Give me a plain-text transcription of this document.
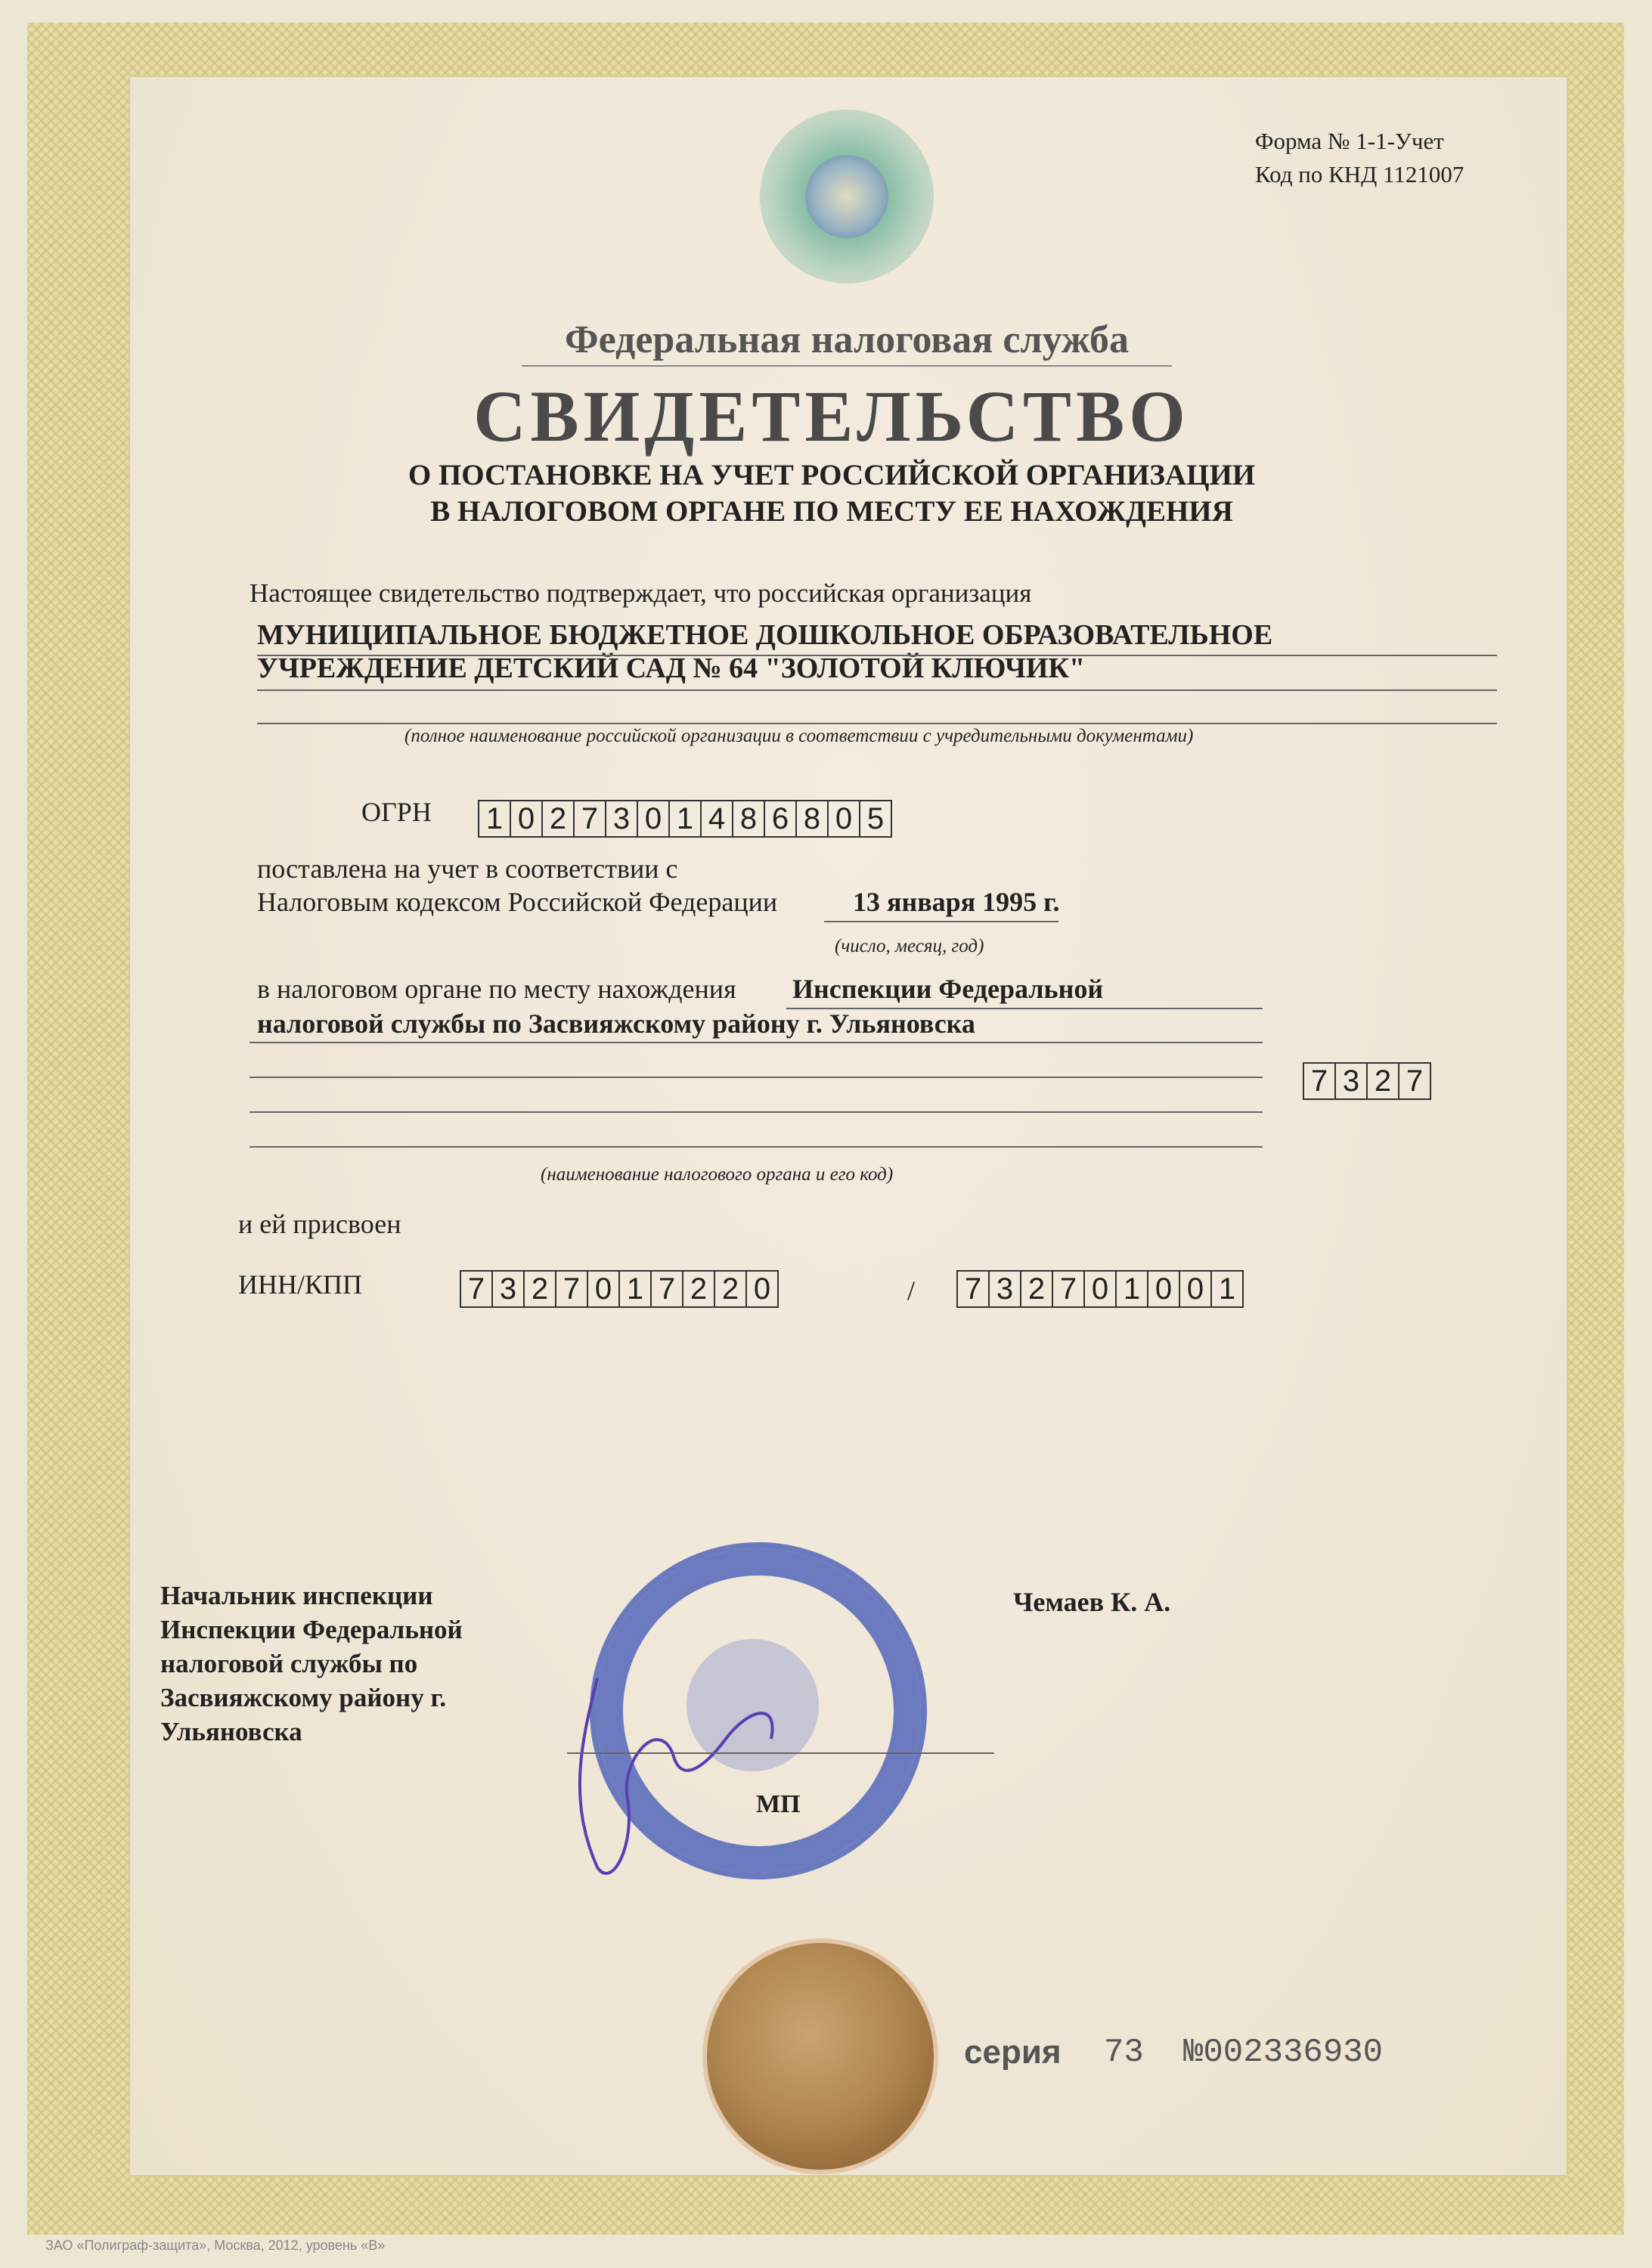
Форма № 1-1-Учет
Код по КНД 1121007
Федеральная налоговая служба
СВИДЕТЕЛЬСТВО
О ПОСТАНОВКЕ НА УЧЕТ РОССИЙСКОЙ ОРГАНИЗАЦИИ
В НАЛОГОВОМ ОРГАНЕ ПО МЕСТУ ЕЕ НАХОЖДЕНИЯ
Настоящее свидетельство подтверждает, что российская организация
МУНИЦИПАЛЬНОЕ БЮДЖЕТНОЕ ДОШКОЛЬНОЕ ОБРАЗОВАТЕЛЬНОЕ
УЧРЕЖДЕНИЕ ДЕТСКИЙ САД № 64 "ЗОЛОТОЙ КЛЮЧИК"
(полное наименование российской организации в соответствии с учредительными документами)
ОГРН 1 0 2 7 3 0 1 4 8 6 8 0 5
поставлена на учет в соответствии с
Налоговым кодексом Российской Федерации	13 января 1995 г.
(число, месяц, год)
в налоговом органе по месту нахождения Инспекции Федеральной
налоговой службы по Засвияжскому району г. Ульяновска
7 3 2 7
(наименование налогового органа и его код)
и ей присвоен
ИНН/КПП	7 3 2 7 0 1 7 2 2 0	/ 7 3 2 7 0 1 0 0 1
Начальник инспекции
Инспекции Федеральной
налоговой службы по
Засвияжскому району г.
Ульяновска
Чемаев К. А.
МП
серия 73 №002336930
ЗАО «Полиграф-защита», Москва, 2012, уровень «В»
